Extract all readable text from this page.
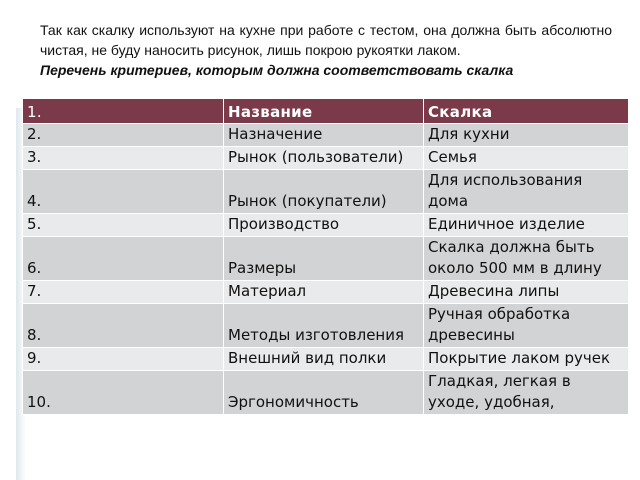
Так как скалку используют на кухне при работе с тестом, она должна быть абсолютно чистая, не буду наносить рисунок, лишь покрою рукоятки лаком.

Перечень критериев, которым должна соответствовать скалка

1.	Название	Скалка
2.	Назначение	Для кухни
3.	Рынок (пользователи)	Семья
4.	Рынок (покупатели)	Для использования дома
5.	Производство	Единичное изделие
6.	Размеры	Скалка должна быть около 500 мм в длину
7.	Материал	Древесина липы
8.	Методы изготовления	Ручная обработка древесины
9.	Внешний вид полки	Покрытие лаком ручек
10.	Эргономичность	Гладкая, легкая в уходе, удобная,
